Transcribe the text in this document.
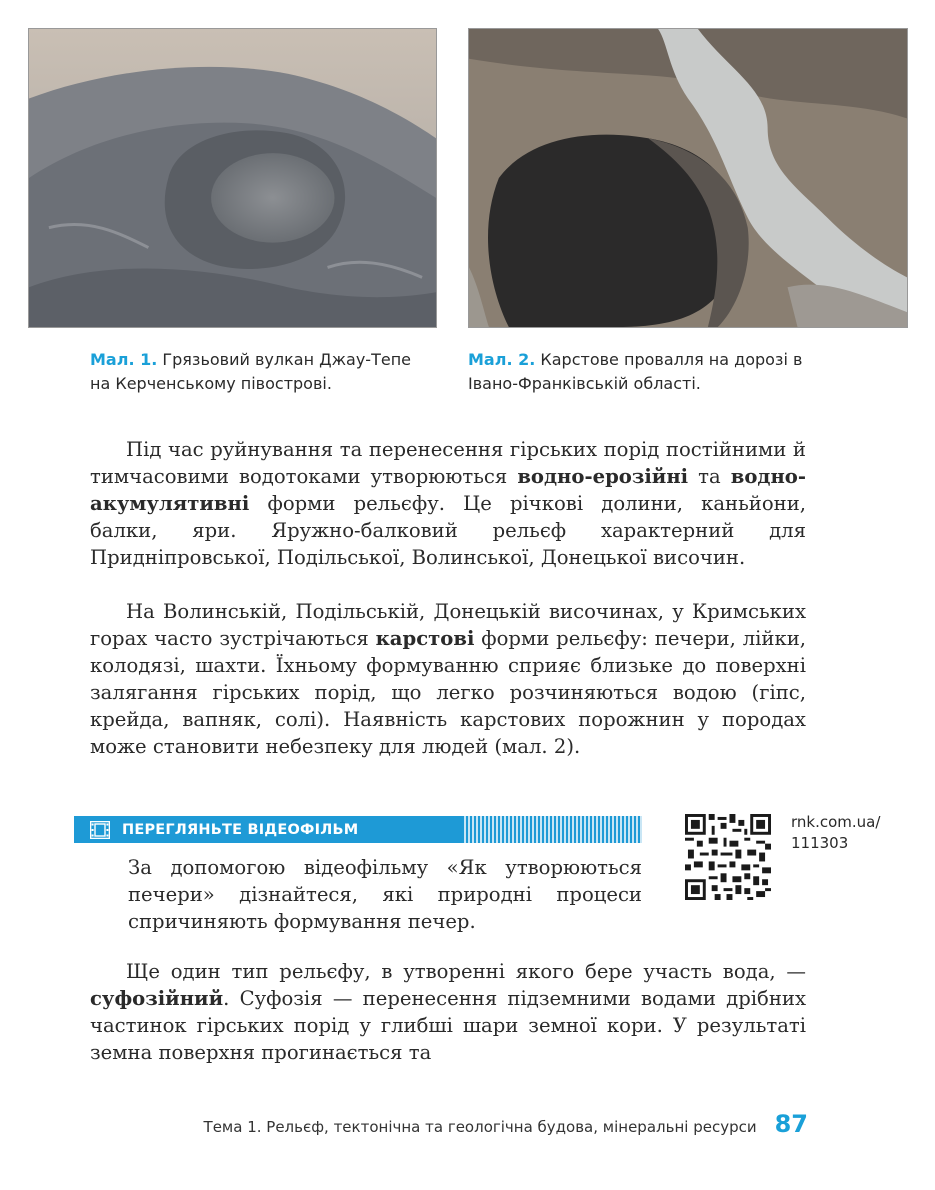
Мал. 1. Грязьовий вулкан Джау-Тепе на Керченському півострові.
Мал. 2. Карстове провалля на дорозі в Івано-Франківській області.

Під час руйнування та перенесення гірських порід постійними й тимчасовими водотоками утворюються водно-ерозійні та водно-акумулятивні форми рельєфу. Це річкові долини, каньйони, балки, яри. Яружно-балковий рельєф характерний для Придніпровської, Подільської, Волинської, Донецької височин.

На Волинській, Подільській, Донецькій височинах, у Кримських горах часто зустрічаються карстові форми рельєфу: печери, лійки, колодязі, шахти. Їхньому формуванню сприяє близьке до поверхні залягання гірських порід, що легко розчиняються водою (гіпс, крейда, вапняк, солі). Наявність карстових порожнин у породах може становити небезпеку для людей (мал. 2).

ПЕРЕГЛЯНЬТЕ ВІДЕОФІЛЬМ

За допомогою відеофільму «Як утворюються печери» дізнайтеся, які природні процеси спричиняють формування печер.

rnk.com.ua/
111303

Ще один тип рельєфу, в утворенні якого бере участь вода, — суфозійний. Суфозія — перенесення підземними водами дрібних частинок гірських порід у глибші шари земної кори. У результаті земна поверхня прогинається та

Тема 1. Рельєф, тектонічна та геологічна будова, мінеральні ресурси 87
